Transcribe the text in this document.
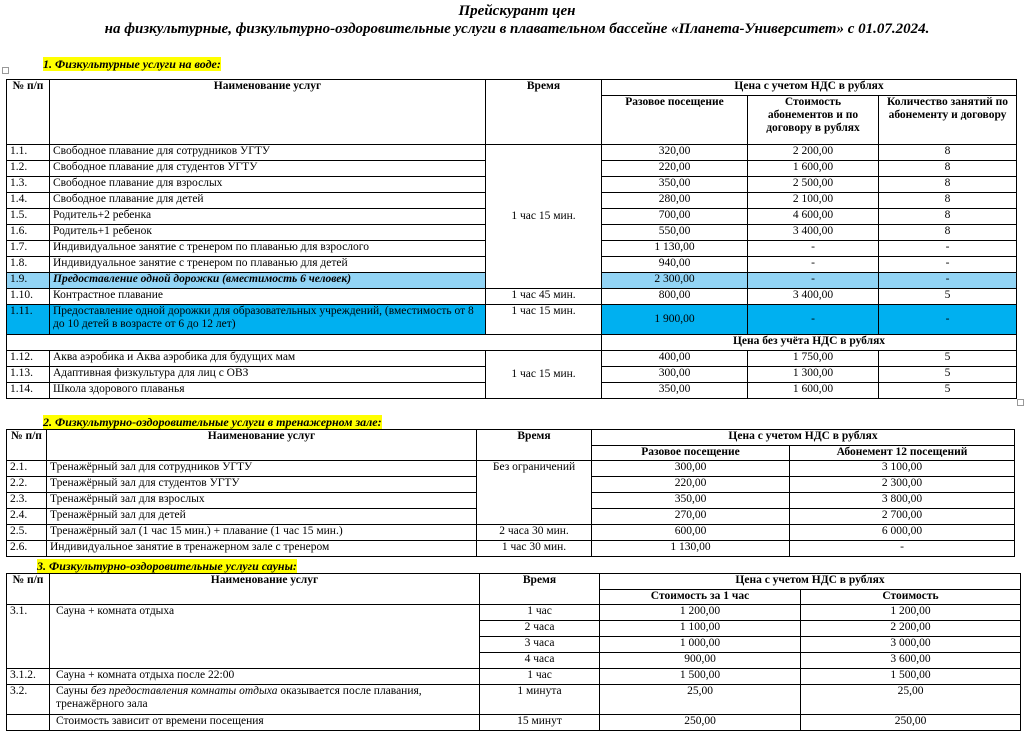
Прейскурант цен
на физкультурные, физкультурно-оздоровительные услуги в плавательном бассейне «Планета-Университет» с 01.07.2024.
1. Физкультурные услуги на воде:
№ п/п	Наименование услуг	Время	Цена с учетом НДС в рублях		
			Разовое посещение	Стоимость абонементов и по договору в рублях	Количество занятий по абонементу и договору
1.1.	Свободное плавание для сотрудников УГТУ	1 час 15 мин.	320,00	2 200,00	8
1.2.	Свободное плавание для студентов УГТУ		220,00	1 600,00	8
1.3.	Свободное плавание для взрослых		350,00	2 500,00	8
1.4.	Свободное плавание для детей		280,00	2 100,00	8
1.5.	Родитель+2 ребенка		700,00	4 600,00	8
1.6.	Родитель+1 ребенок		550,00	3 400,00	8
1.7.	Индивидуальное занятие с тренером по плаванью для взрослого		1 130,00	-	-
1.8.	Индивидуальное занятие с тренером по плаванью для детей		940,00	-	-
1.9.	Предоставление одной дорожки (вместимость 6 человек)		2 300,00	-	-
1.10.	Контрастное плавание	1 час 45 мин.	800,00	3 400,00	5
1.11.	Предоставление одной дорожки для образовательных учреждений, (вместимость от 8 до 10 детей в возрасте от 6 до 12 лет)	1 час 15 мин.	1 900,00	-	-
			Цена без учёта НДС в рублях		
1.12.	Аква аэробика и Аква аэробика для будущих мам	1 час 15 мин.	400,00	1 750,00	5
1.13.	Адаптивная физкультура для лиц с ОВЗ		300,00	1 300,00	5
1.14.	Школа здорового плаванья		350,00	1 600,00	5
2. Физкультурно-оздоровительные услуги в тренажерном зале:
№ п/п	Наименование услуг	Время	Цена с учетом НДС в рублях	
			Разовое посещение	Абонемент 12 посещений
2.1.	Тренажёрный зал для сотрудников УГТУ	Без ограничений	300,00	3 100,00
2.2.	Тренажёрный зал для студентов УГТУ		220,00	2 300,00
2.3.	Тренажёрный зал для взрослых		350,00	3 800,00
2.4.	Тренажёрный зал для детей		270,00	2 700,00
2.5.	Тренажёрный зал (1 час 15 мин.) + плавание (1 час 15 мин.)	2 часа 30 мин.	600,00	6 000,00
2.6.	Индивидуальное занятие в тренажерном зале с тренером	1 час 30 мин.	1 130,00	-
3. Физкультурно-оздоровительные услуги сауны:
№ п/п	Наименование услуг	Время	Цена с учетом НДС в рублях	
			Стоимость за 1 час	Стоимость
3.1.	Сауна + комната отдыха	1 час	1 200,00	1 200,00
		2 часа	1 100,00	2 200,00
		3 часа	1 000,00	3 000,00
		4 часа	900,00	3 600,00
3.1.2.	Сауна + комната отдыха после 22:00	1 час	1 500,00	1 500,00
3.2.	Сауны без предоставления комнаты отдыха оказывается после плавания, тренажёрного зала	1 минута	25,00	25,00
	Стоимость зависит от времени посещения	15 минут	250,00	250,00
